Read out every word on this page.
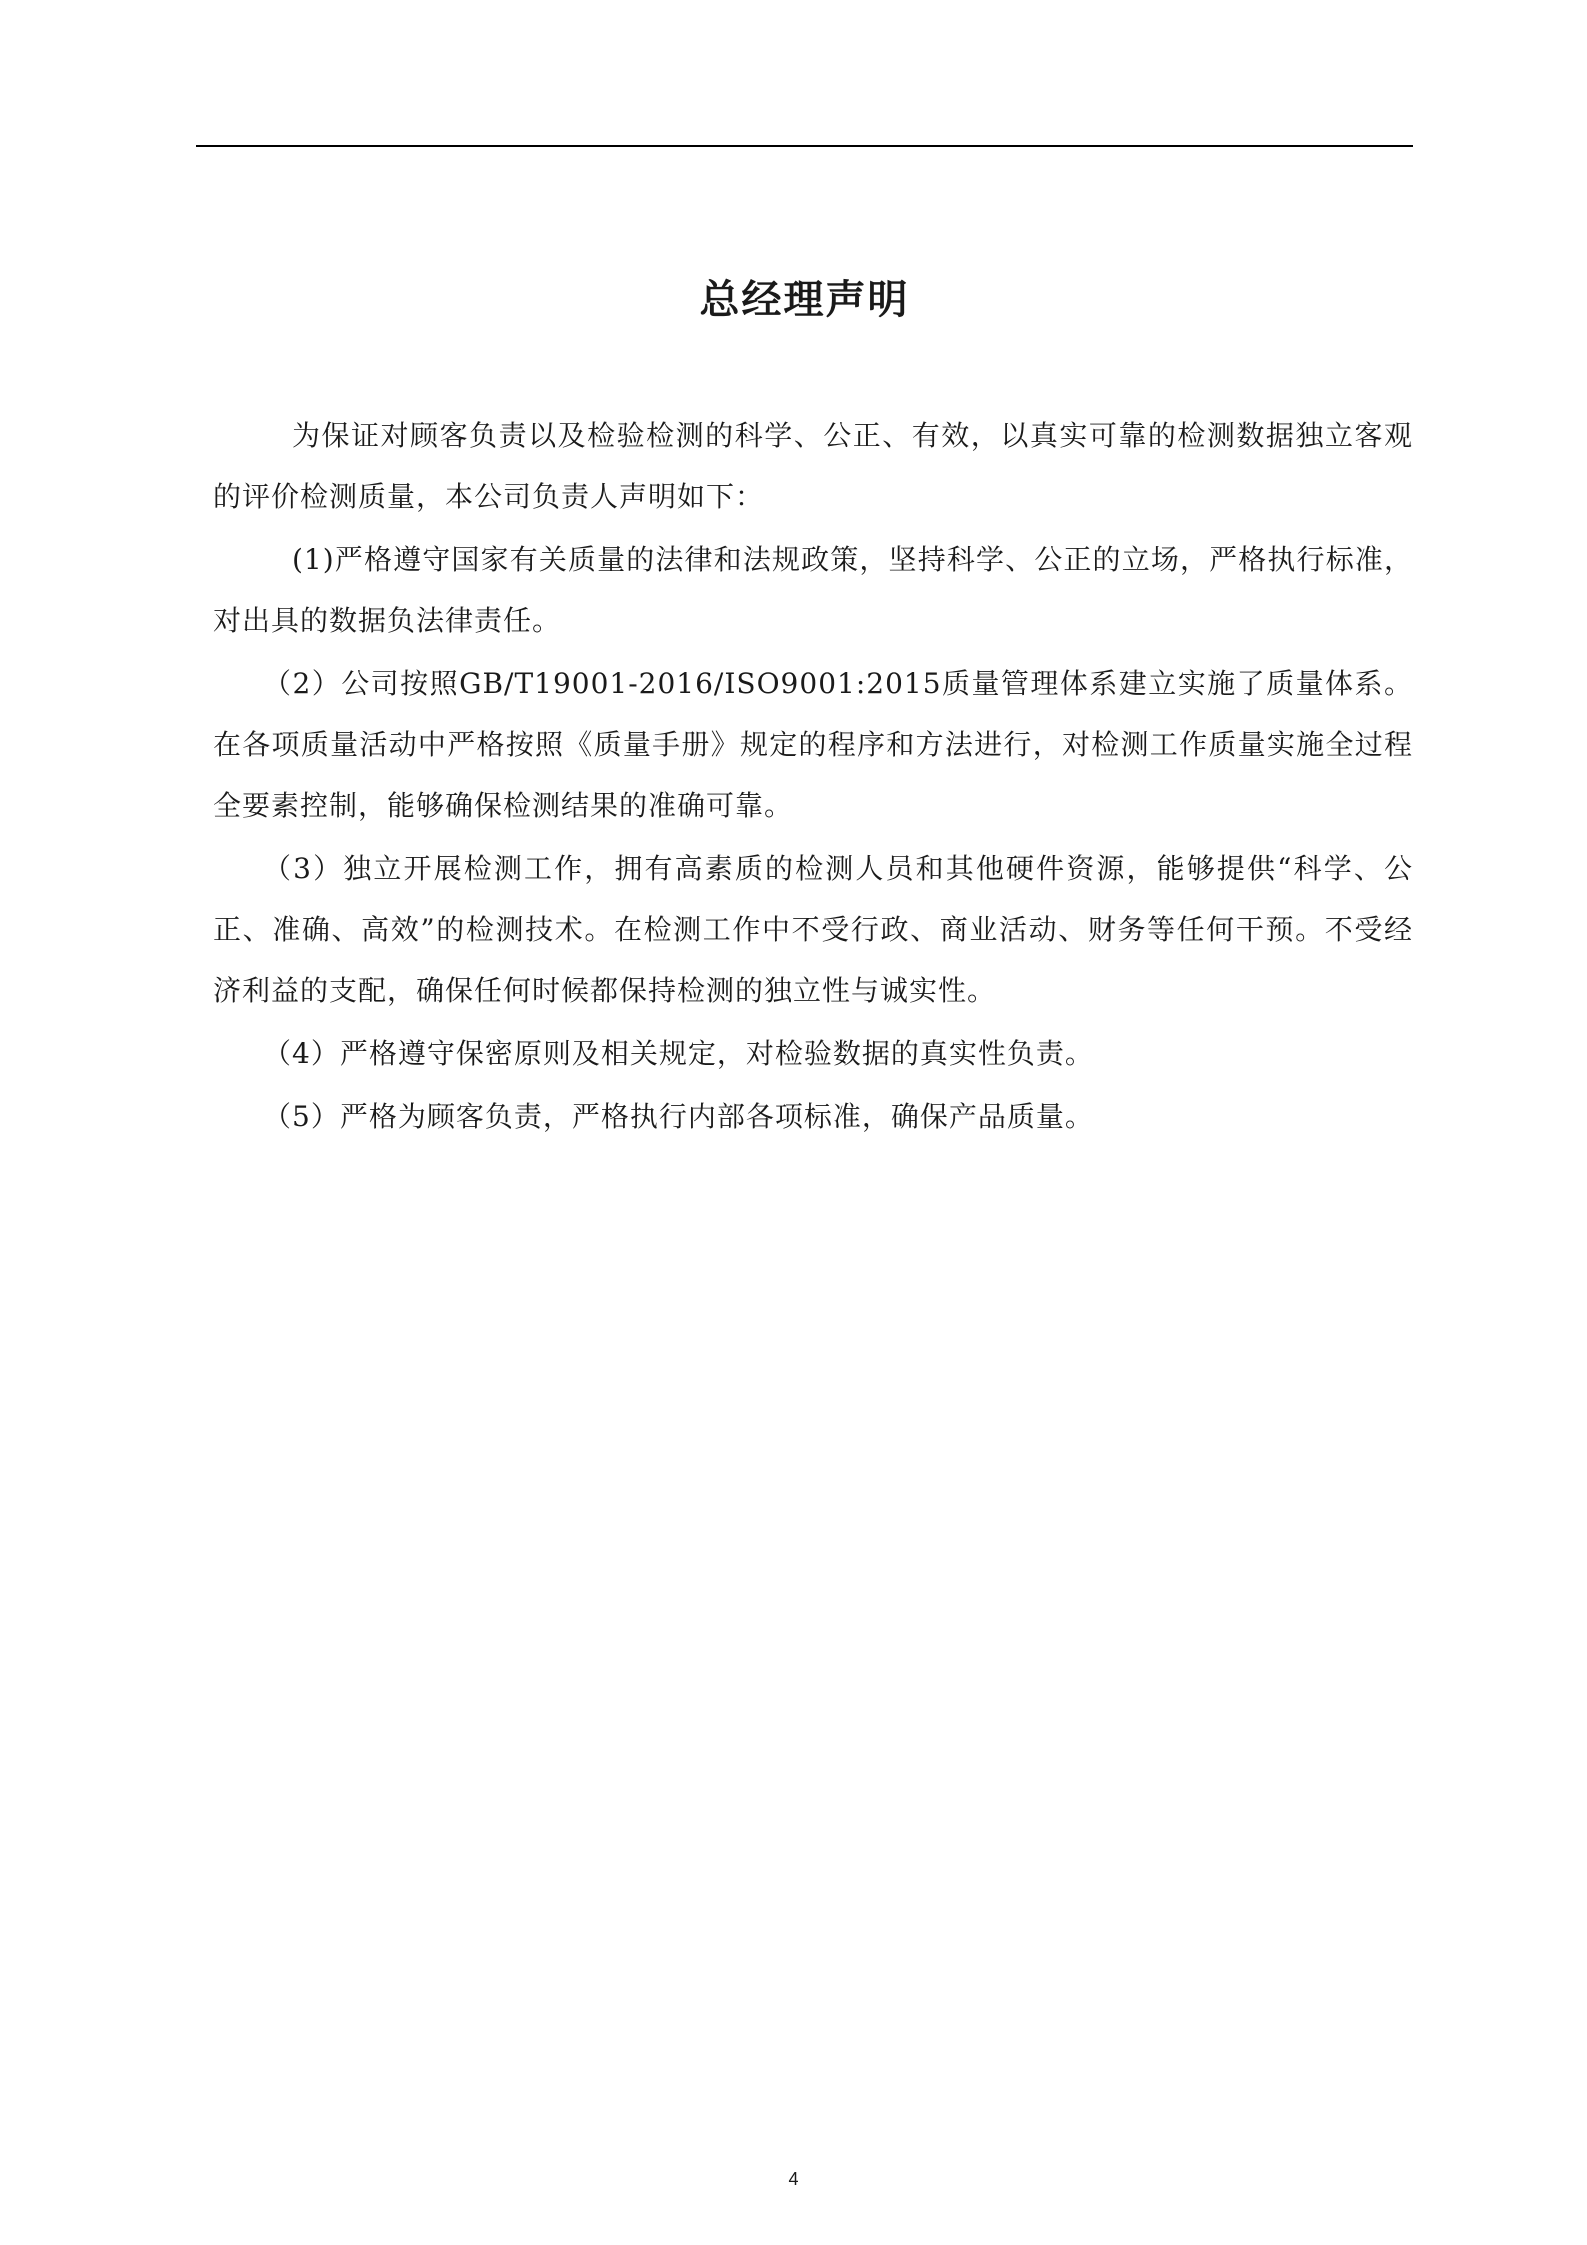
总经理声明

为保证对顾客负责以及检验检测的科学、公正、有效，以真实可靠的检测数据独立客观的评价检测质量，本公司负责人声明如下：

(1)严格遵守国家有关质量的法律和法规政策，坚持科学、公正的立场，严格执行标准，对出具的数据负法律责任。

（2）公司按照GB/T19001-2016/ISO9001:2015质量管理体系建立实施了质量体系。在各项质量活动中严格按照《质量手册》规定的程序和方法进行，对检测工作质量实施全过程全要素控制，能够确保检测结果的准确可靠。

（3）独立开展检测工作，拥有高素质的检测人员和其他硬件资源，能够提供“科学、公正、准确、高效”的检测技术。在检测工作中不受行政、商业活动、财务等任何干预。不受经济利益的支配，确保任何时候都保持检测的独立性与诚实性。

（4）严格遵守保密原则及相关规定，对检验数据的真实性负责。

（5）严格为顾客负责，严格执行内部各项标准，确保产品质量。

4
